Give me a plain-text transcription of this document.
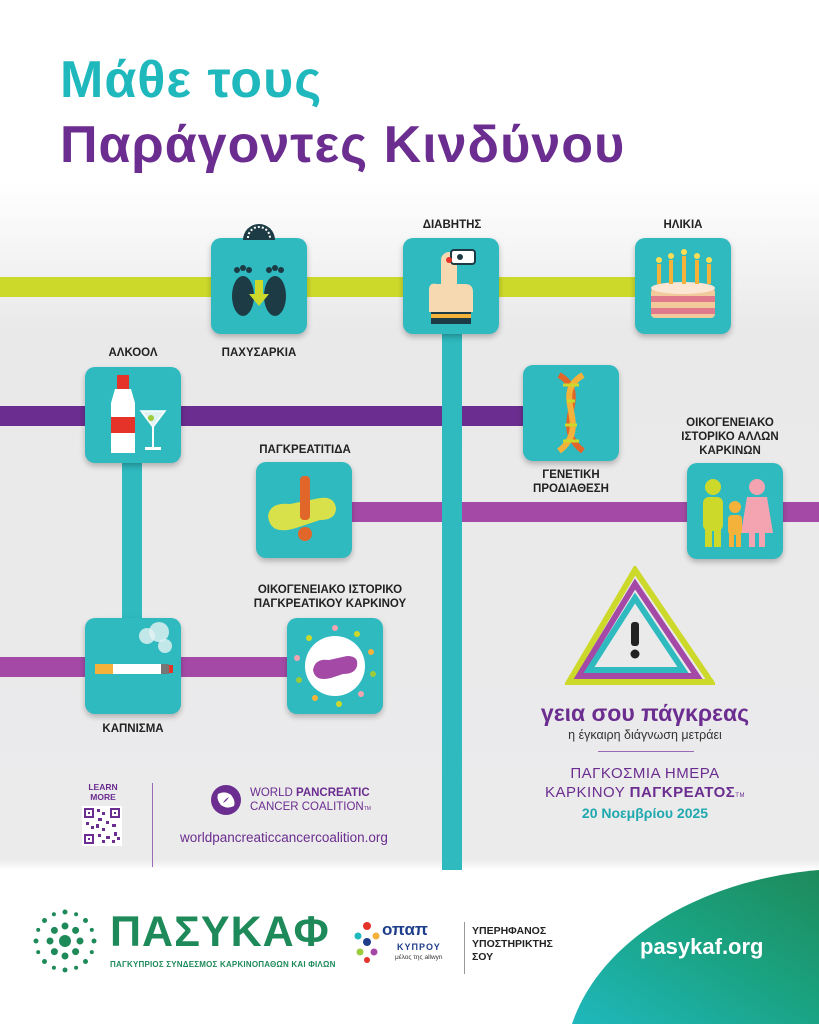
Μάθε τους
Παράγοντες Κινδύνου
ΠΑΧΥΣΑΡΚΙΑ
ΔΙΑΒΗΤΗΣ	ΗΛΙΚΙΑ
ΑΛΚΟΟΛ
ΓΕΝΕΤΙΚΗ
ΠΡΟΔΙΑΘΕΣΗ
ΠΑΓΚΡΕΑΤΙΤΙΔΑ
ΟΙΚΟΓΕΝΕΙΑΚΟ
ΙΣΤΟΡΙΚΟ ΑΛΛΩΝ
ΚΑΡΚΙΝΩΝ
ΟΙΚΟΓΕΝΕΙΑΚΟ ΙΣΤΟΡΙΚΟ
ΠΑΓΚΡΕΑΤΙΚΟΥ ΚΑΡΚΙΝΟΥ
ΚΑΠΝΙΣΜΑ
γεια σου πάγκρεας
η έγκαιρη διάγνωση μετράει
ΠΑΓΚΟΣΜΙΑ ΗΜΕΡΑ
ΚΑΡΚΙΝΟΥ ΠΑΓΚΡΕΑΤΟΣTM
20 Νοεμβρίου 2025
LEARN
MORE	WORLD PANCREATIC
CANCER COALITIONTM
worldpancreaticcancercoalition.org
ΠΑΣΥΚΑΦ
ΠΑΓΚΥΠΡΙΟΣ ΣΥΝΔΕΣΜΟΣ ΚΑΡΚΙΝΟΠΑΘΩΝ ΚΑΙ ΦΙΛΩΝ
οπαπ
ΚΥΠΡΟΥ
μέλος της allwyn
ΥΠΕΡΗΦΑΝΟΣ
ΥΠΟΣΤΗΡΙΚΤΗΣ
ΣΟΥ	pasykaf.org
